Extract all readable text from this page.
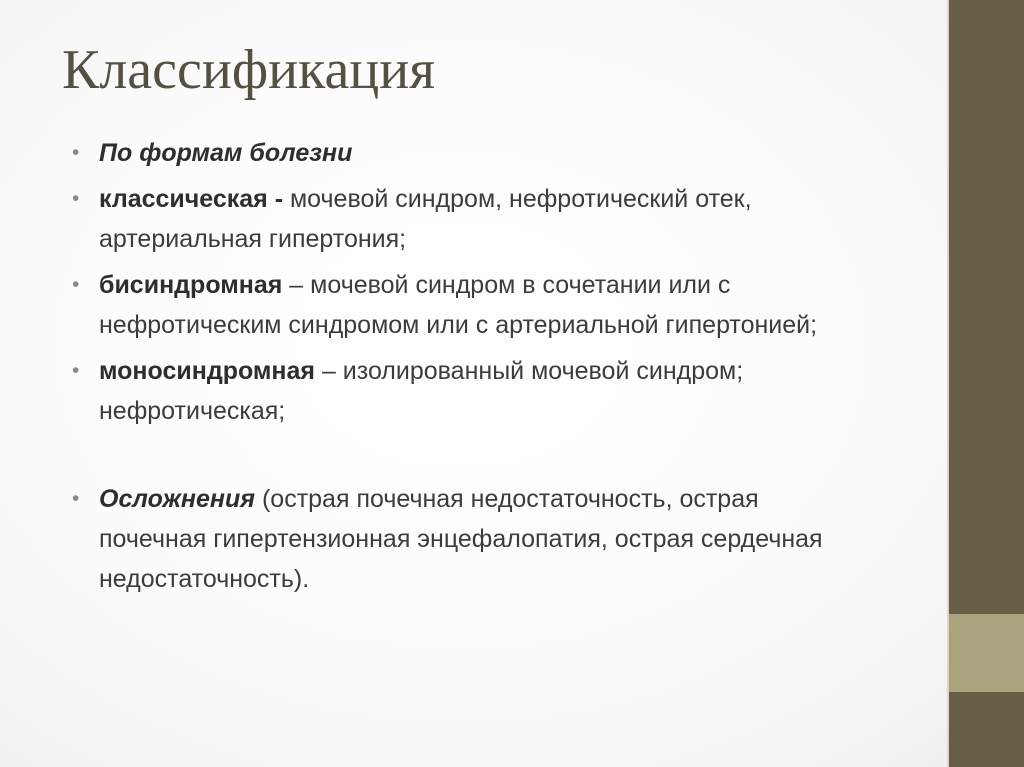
Классификация
• По формам болезни
• классическая - мочевой синдром, нефротический отек, артериальная гипертония;
• бисиндромная – мочевой синдром в сочетании или с нефротическим синдромом или с артериальной гипертонией;
• моносиндромная – изолированный мочевой синдром; нефротическая;
• Осложнения (острая почечная недостаточность, острая почечная гипертензионная энцефалопатия, острая сердечная недостаточность).
